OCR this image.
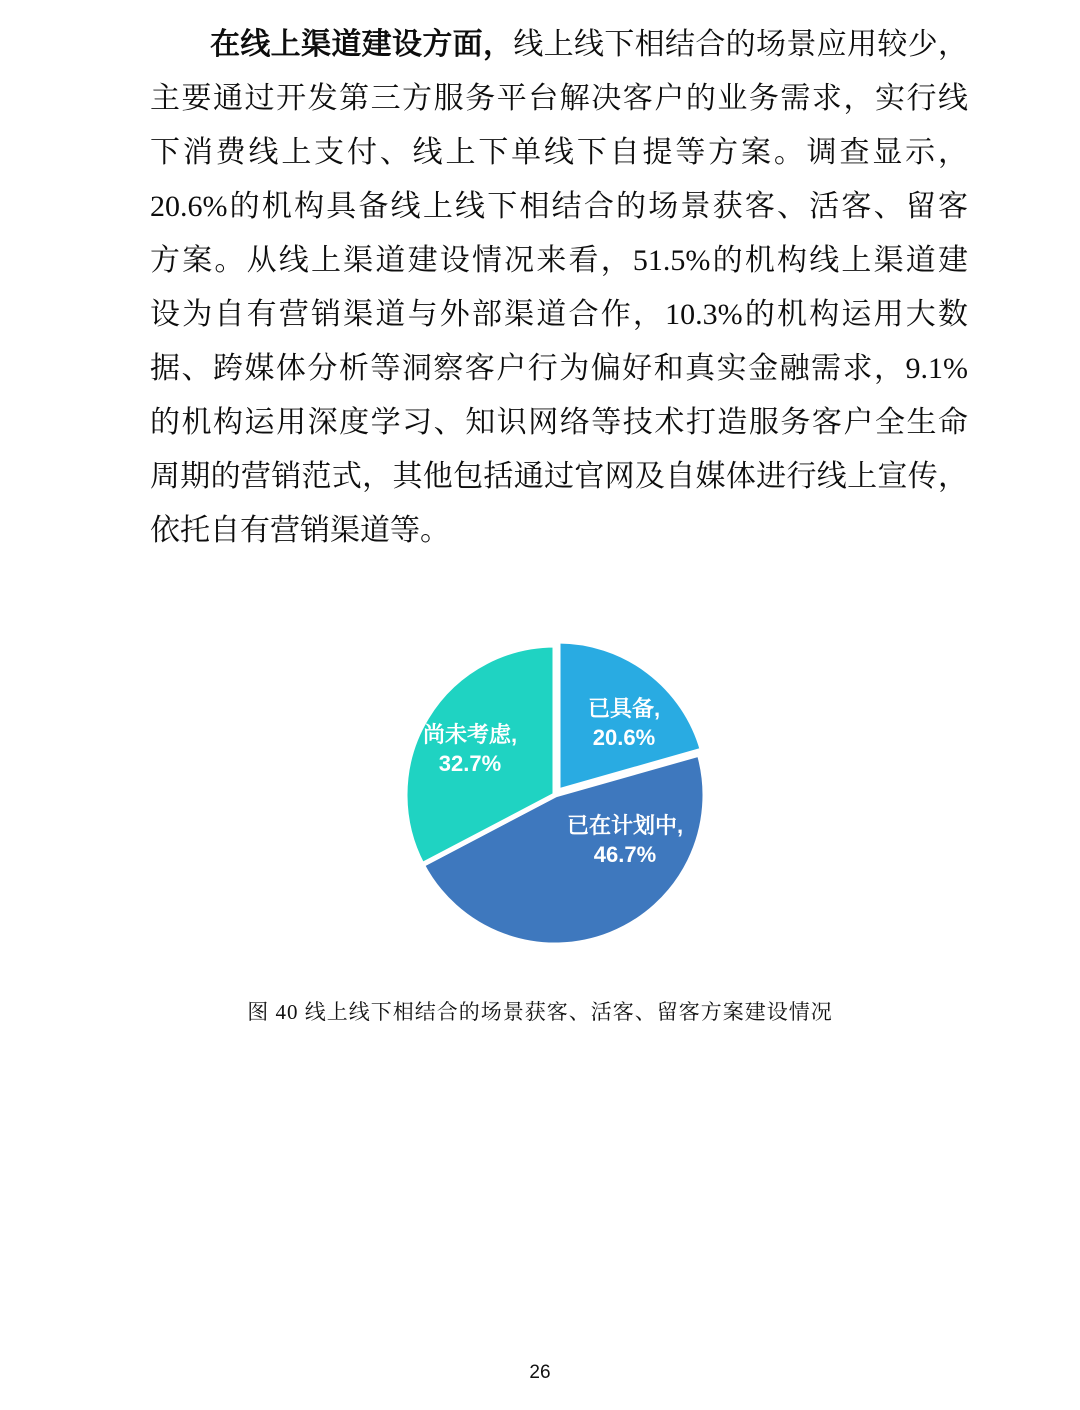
在线上渠道建设方面，线上线下相结合的场景应用较少，
主要通过开发第三方服务平台解决客户的业务需求，实行线
下消费线上支付、线上下单线下自提等方案。调查显示，
20.6%的机构具备线上线下相结合的场景获客、活客、留客
方案。从线上渠道建设情况来看，51.5%的机构线上渠道建
设为自有营销渠道与外部渠道合作，10.3%的机构运用大数
据、跨媒体分析等洞察客户行为偏好和真实金融需求，9.1%
的机构运用深度学习、知识网络等技术打造服务客户全生命
周期的营销范式，其他包括通过官网及自媒体进行线上宣传，
依托自有营销渠道等。
已具备, 20.6%
已在计划中, 46.7%
尚未考虑, 32.7%
图 40 线上线下相结合的场景获客、活客、留客方案建设情况
26
